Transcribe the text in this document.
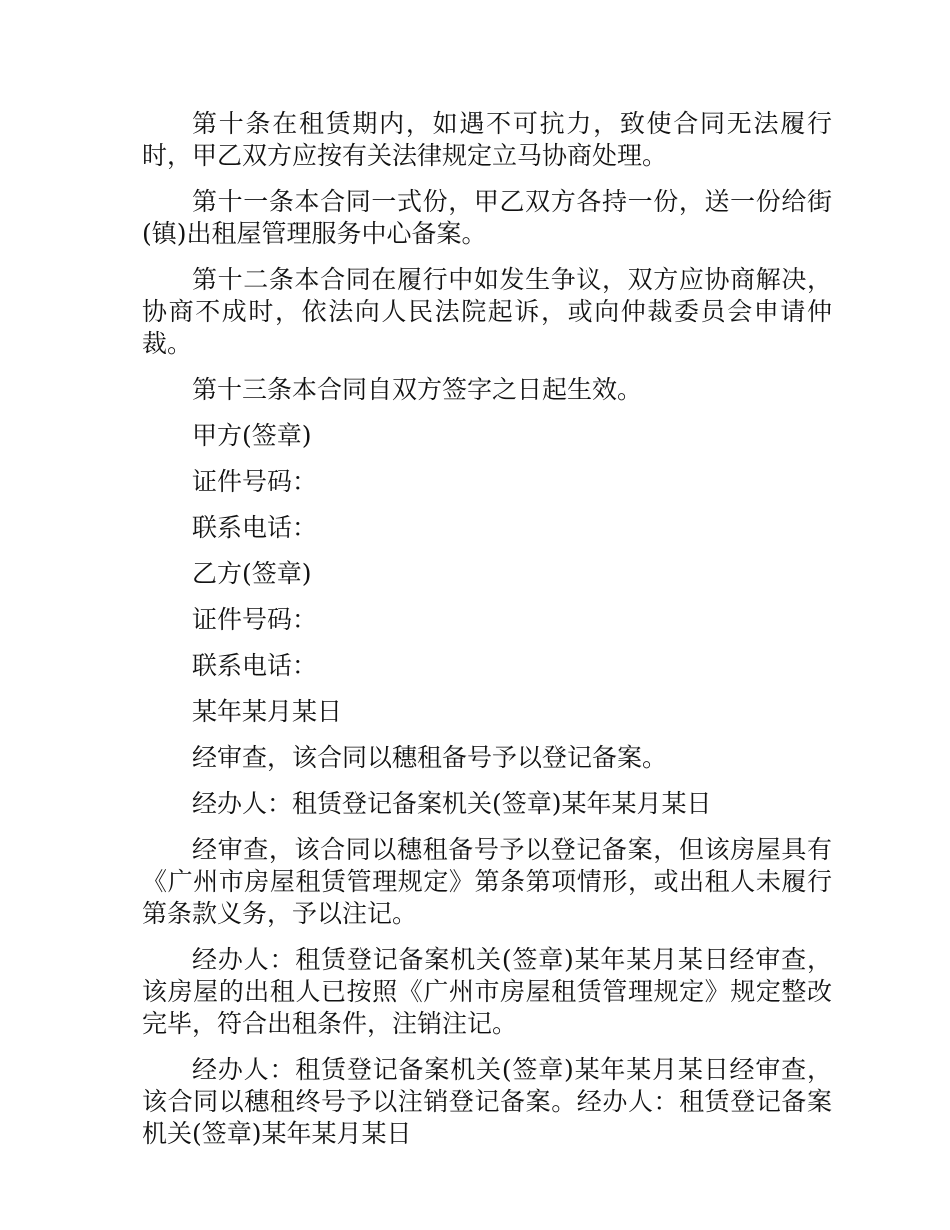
第十条在租赁期内，如遇不可抗力，致使合同无法履行时，甲乙双方应按有关法律规定立马协商处理。

第十一条本合同一式份，甲乙双方各持一份，送一份给街(镇)出租屋管理服务中心备案。

第十二条本合同在履行中如发生争议，双方应协商解决，协商不成时，依法向人民法院起诉，或向仲裁委员会申请仲裁。

第十三条本合同自双方签字之日起生效。

甲方(签章)

证件号码：

联系电话：

乙方(签章)

证件号码：

联系电话：

某年某月某日

经审查，该合同以穗租备号予以登记备案。

经办人：租赁登记备案机关(签章)某年某月某日

经审查，该合同以穗租备号予以登记备案，但该房屋具有《广州市房屋租赁管理规定》第条第项情形，或出租人未履行第条款义务，予以注记。

经办人：租赁登记备案机关(签章)某年某月某日经审查，该房屋的出租人已按照《广州市房屋租赁管理规定》规定整改完毕，符合出租条件，注销注记。

经办人：租赁登记备案机关(签章)某年某月某日经审查，该合同以穗租终号予以注销登记备案。经办人：租赁登记备案机关(签章)某年某月某日
